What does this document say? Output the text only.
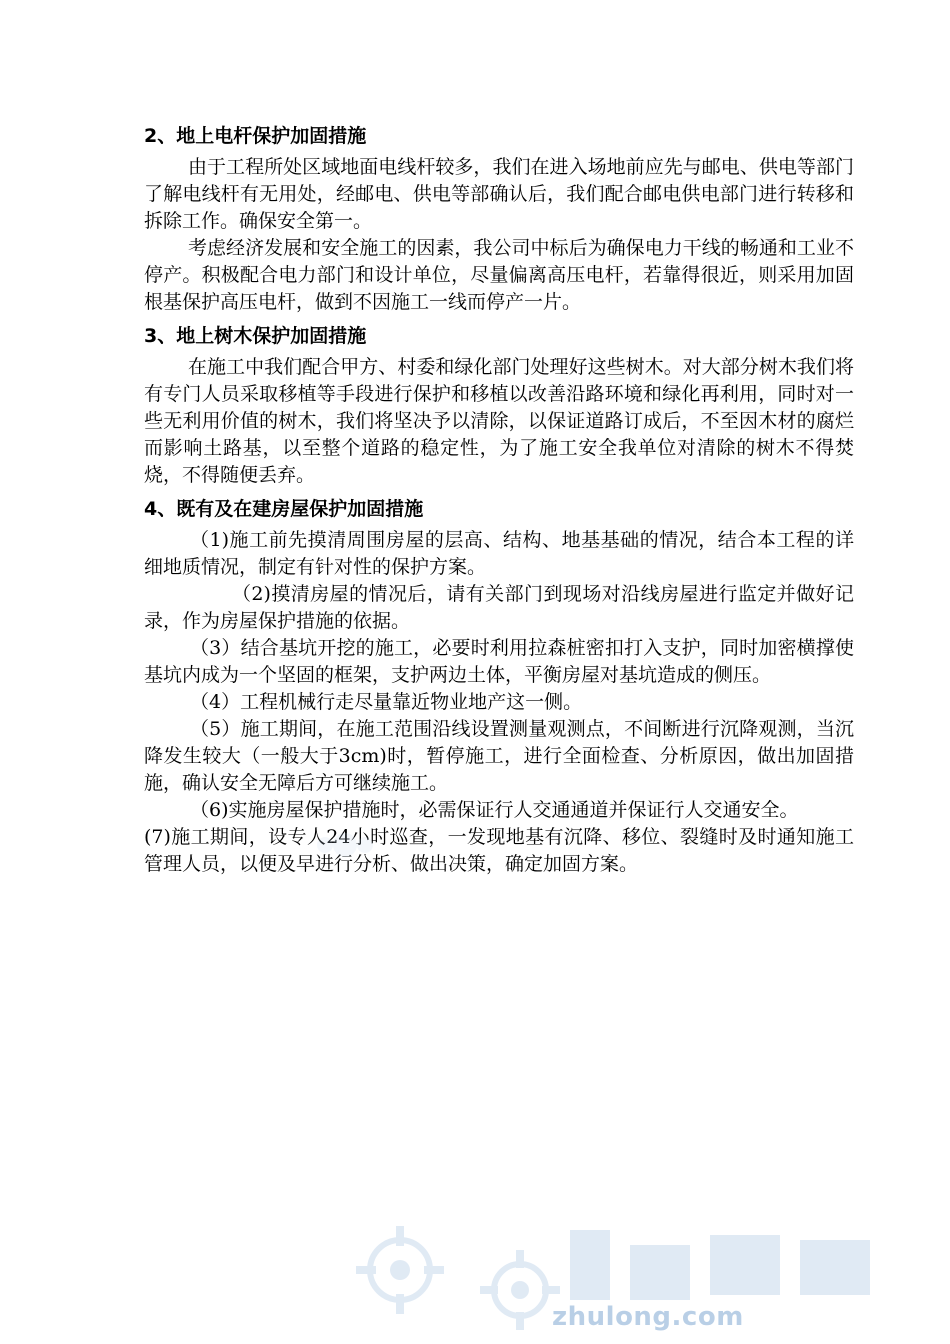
2、地上电杆保护加固措施

由于工程所处区域地面电线杆较多，我们在进入场地前应先与邮电、供电等部门了解电线杆有无用处，经邮电、供电等部确认后，我们配合邮电供电部门进行转移和拆除工作。确保安全第一。

考虑经济发展和安全施工的因素，我公司中标后为确保电力干线的畅通和工业不停产。积极配合电力部门和设计单位，尽量偏离高压电杆，若靠得很近，则采用加固根基保护高压电杆，做到不因施工一线而停产一片。

3、地上树木保护加固措施

在施工中我们配合甲方、村委和绿化部门处理好这些树木。对大部分树木我们将有专门人员采取移植等手段进行保护和移植以改善沿路环境和绿化再利用，同时对一些无利用价值的树木，我们将坚决予以清除，以保证道路订成后，不至因木材的腐烂而影响土路基，以至整个道路的稳定性，为了施工安全我单位对清除的树木不得焚烧，不得随便丢弃。

4、既有及在建房屋保护加固措施

（1)施工前先摸清周围房屋的层高、结构、地基基础的情况，结合本工程的详细地质情况，制定有针对性的保护方案。

（2)摸清房屋的情况后，请有关部门到现场对沿线房屋进行监定并做好记录，作为房屋保护措施的依据。

（3）结合基坑开挖的施工，必要时利用拉森桩密扣打入支护，同时加密横撑使基坑内成为一个坚固的框架，支护两边土体，平衡房屋对基坑造成的侧压。

（4）工程机械行走尽量靠近物业地产这一侧。

（5）施工期间，在施工范围沿线设置测量观测点，不间断进行沉降观测，当沉降发生较大（一般大于3cm)时，暂停施工，进行全面检查、分析原因，做出加固措施，确认安全无障后方可继续施工。

（6)实施房屋保护措施时，必需保证行人交通通道并保证行人交通安全。

(7)施工期间，设专人24小时巡查，一发现地基有沉降、移位、裂缝时及时通知施工管理人员，以便及早进行分析、做出决策，确定加固方案。

zhulong.com
